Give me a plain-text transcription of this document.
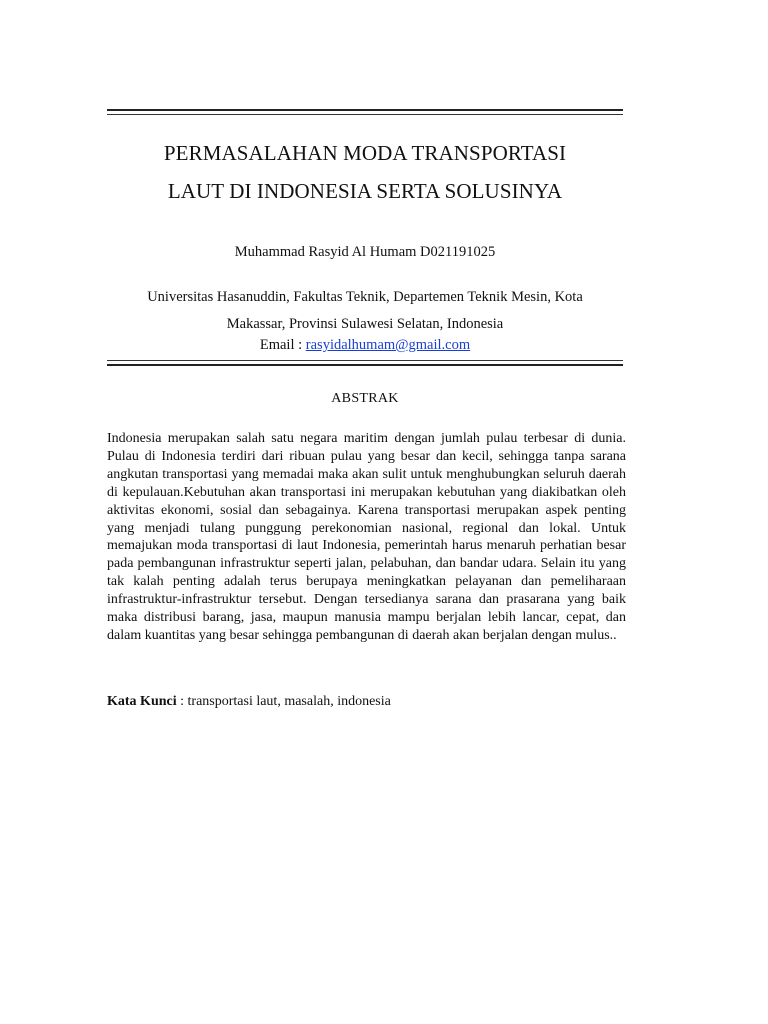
PERMASALAHAN MODA TRANSPORTASI
LAUT DI INDONESIA SERTA SOLUSINYA

Muhammad Rasyid Al Humam D021191025

Universitas Hasanuddin, Fakultas Teknik, Departemen Teknik Mesin, Kota
Makassar, Provinsi Sulawesi Selatan, Indonesia

Email : rasyidalhumam@gmail.com

ABSTRAK

Indonesia merupakan salah satu negara maritim dengan jumlah pulau terbesar di dunia. Pulau di Indonesia terdiri dari ribuan pulau yang besar dan kecil, sehingga tanpa sarana angkutan transportasi yang memadai maka akan sulit untuk menghubungkan seluruh daerah di kepulauan.Kebutuhan akan transportasi ini merupakan kebutuhan yang diakibatkan oleh aktivitas ekonomi, sosial dan sebagainya. Karena transportasi merupakan aspek penting yang menjadi tulang punggung perekonomian nasional, regional dan lokal. Untuk memajukan moda transportasi di laut Indonesia, pemerintah harus menaruh perhatian besar pada pembangunan infrastruktur seperti jalan, pelabuhan, dan bandar udara. Selain itu yang tak kalah penting adalah terus berupaya meningkatkan pelayanan dan pemeliharaan infrastruktur-infrastruktur tersebut. Dengan tersedianya sarana dan prasarana yang baik maka distribusi barang, jasa, maupun manusia mampu berjalan lebih lancar, cepat, dan dalam kuantitas yang besar sehingga pembangunan di daerah akan berjalan dengan mulus..

Kata Kunci : transportasi laut, masalah, indonesia
